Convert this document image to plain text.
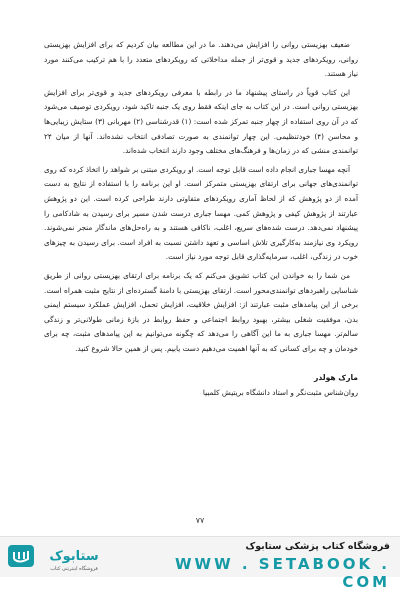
ضعیف بهزیستی روانی را افزایش می‌دهند. ما در این مطالعه بیان کردیم که برای افزایش بهزیستی روانی، رویکردهای جدید و قوی‌تر از جمله مداخلاتی که رویکردهای متعدد را با هم ترکیب می‌کنند مورد نیاز هستند.

این کتاب قویاً در راستای پیشنهاد ما در رابطه با معرفی رویکردهای جدید و قوی‌تر برای افزایش بهزیستی روانی است. در این کتاب به جای اینکه فقط روی یک جنبه تاکید شود، رویکردی توصیف می‌شود که در آن روی استفاده از چهار جنبه تمرکز شده است: (۱) قدرشناسی (۲) مهربانی (۳) ستایش زیبایی‌ها و محاسن (۴) خودتنظیمی. این چهار توانمندی به صورت تصادفی انتخاب نشده‌اند. آنها از میان ۲۴ توانمندی منشی که در زمان‌ها و فرهنگ‌های مختلف وجود دارند انتخاب شده‌اند.

آنچه مهسا جباری انجام داده است قابل توجه است. او رویکردی مبتنی بر شواهد را اتخاذ کرده که روی توانمندی‌های جهانی برای ارتقای بهزیستی متمرکز است. او این برنامه را با استفاده از نتایج به دست آمده از دو پژوهش که از لحاظ آماری رویکردهای متفاوتی دارند طراحی کرده است. این دو پژوهش عبارتند از پژوهش کیفی و پژوهش کمی. مهسا جباری درست شدن مسیر برای رسیدن به شادکامی را پیشنهاد نمی‌دهد. درست شده‌های سریع، اغلب، ناکافی هستند و به راه‌حل‌های ماندگار منجر نمی‌شوند. رویکرد وی نیازمند به‌کارگیری تلاش اساسی و تعهد داشتن نسبت به افراد است. برای رسیدن به چیزهای خوب در زندگی، اغلب، سرمایه‌گذاری قابل توجه مورد نیاز است.

من شما را به خواندن این کتاب تشویق می‌کنم که یک برنامه برای ارتقای بهزیستی روانی از طریق شناسایی راهبردهای توانمندی‌محور است. ارتقای بهزیستی با دامنهٔ گسترده‌ای از نتایج مثبت همراه است. برخی از این پیامدهای مثبت عبارتند از: افزایش خلاقیت، افزایش تحمل، افزایش عملکرد سیستم ایمنی بدن، موفقیت شغلی بیشتر، بهبود روابط اجتماعی و حفظ روابط در بازهٔ زمانی طولانی‌تر و زندگی سالم‌تر. مهسا جباری به ما این آگاهی را می‌دهد که چگونه می‌توانیم به این پیامدهای مثبت، چه برای خودمان و چه برای کسانی که به آنها اهمیت می‌دهیم دست یابیم. پس از همین حالا شروع کنید.

مارک هولدر
روان‌شناس مثبت‌نگر و استاد دانشگاه بریتیش کلمبیا
۷۷
ستابوک
فروشگاه اینترنتی کتاب
فروشگاه کتاب پزشکی ستابوک
WWW . SETABOOK . COM
